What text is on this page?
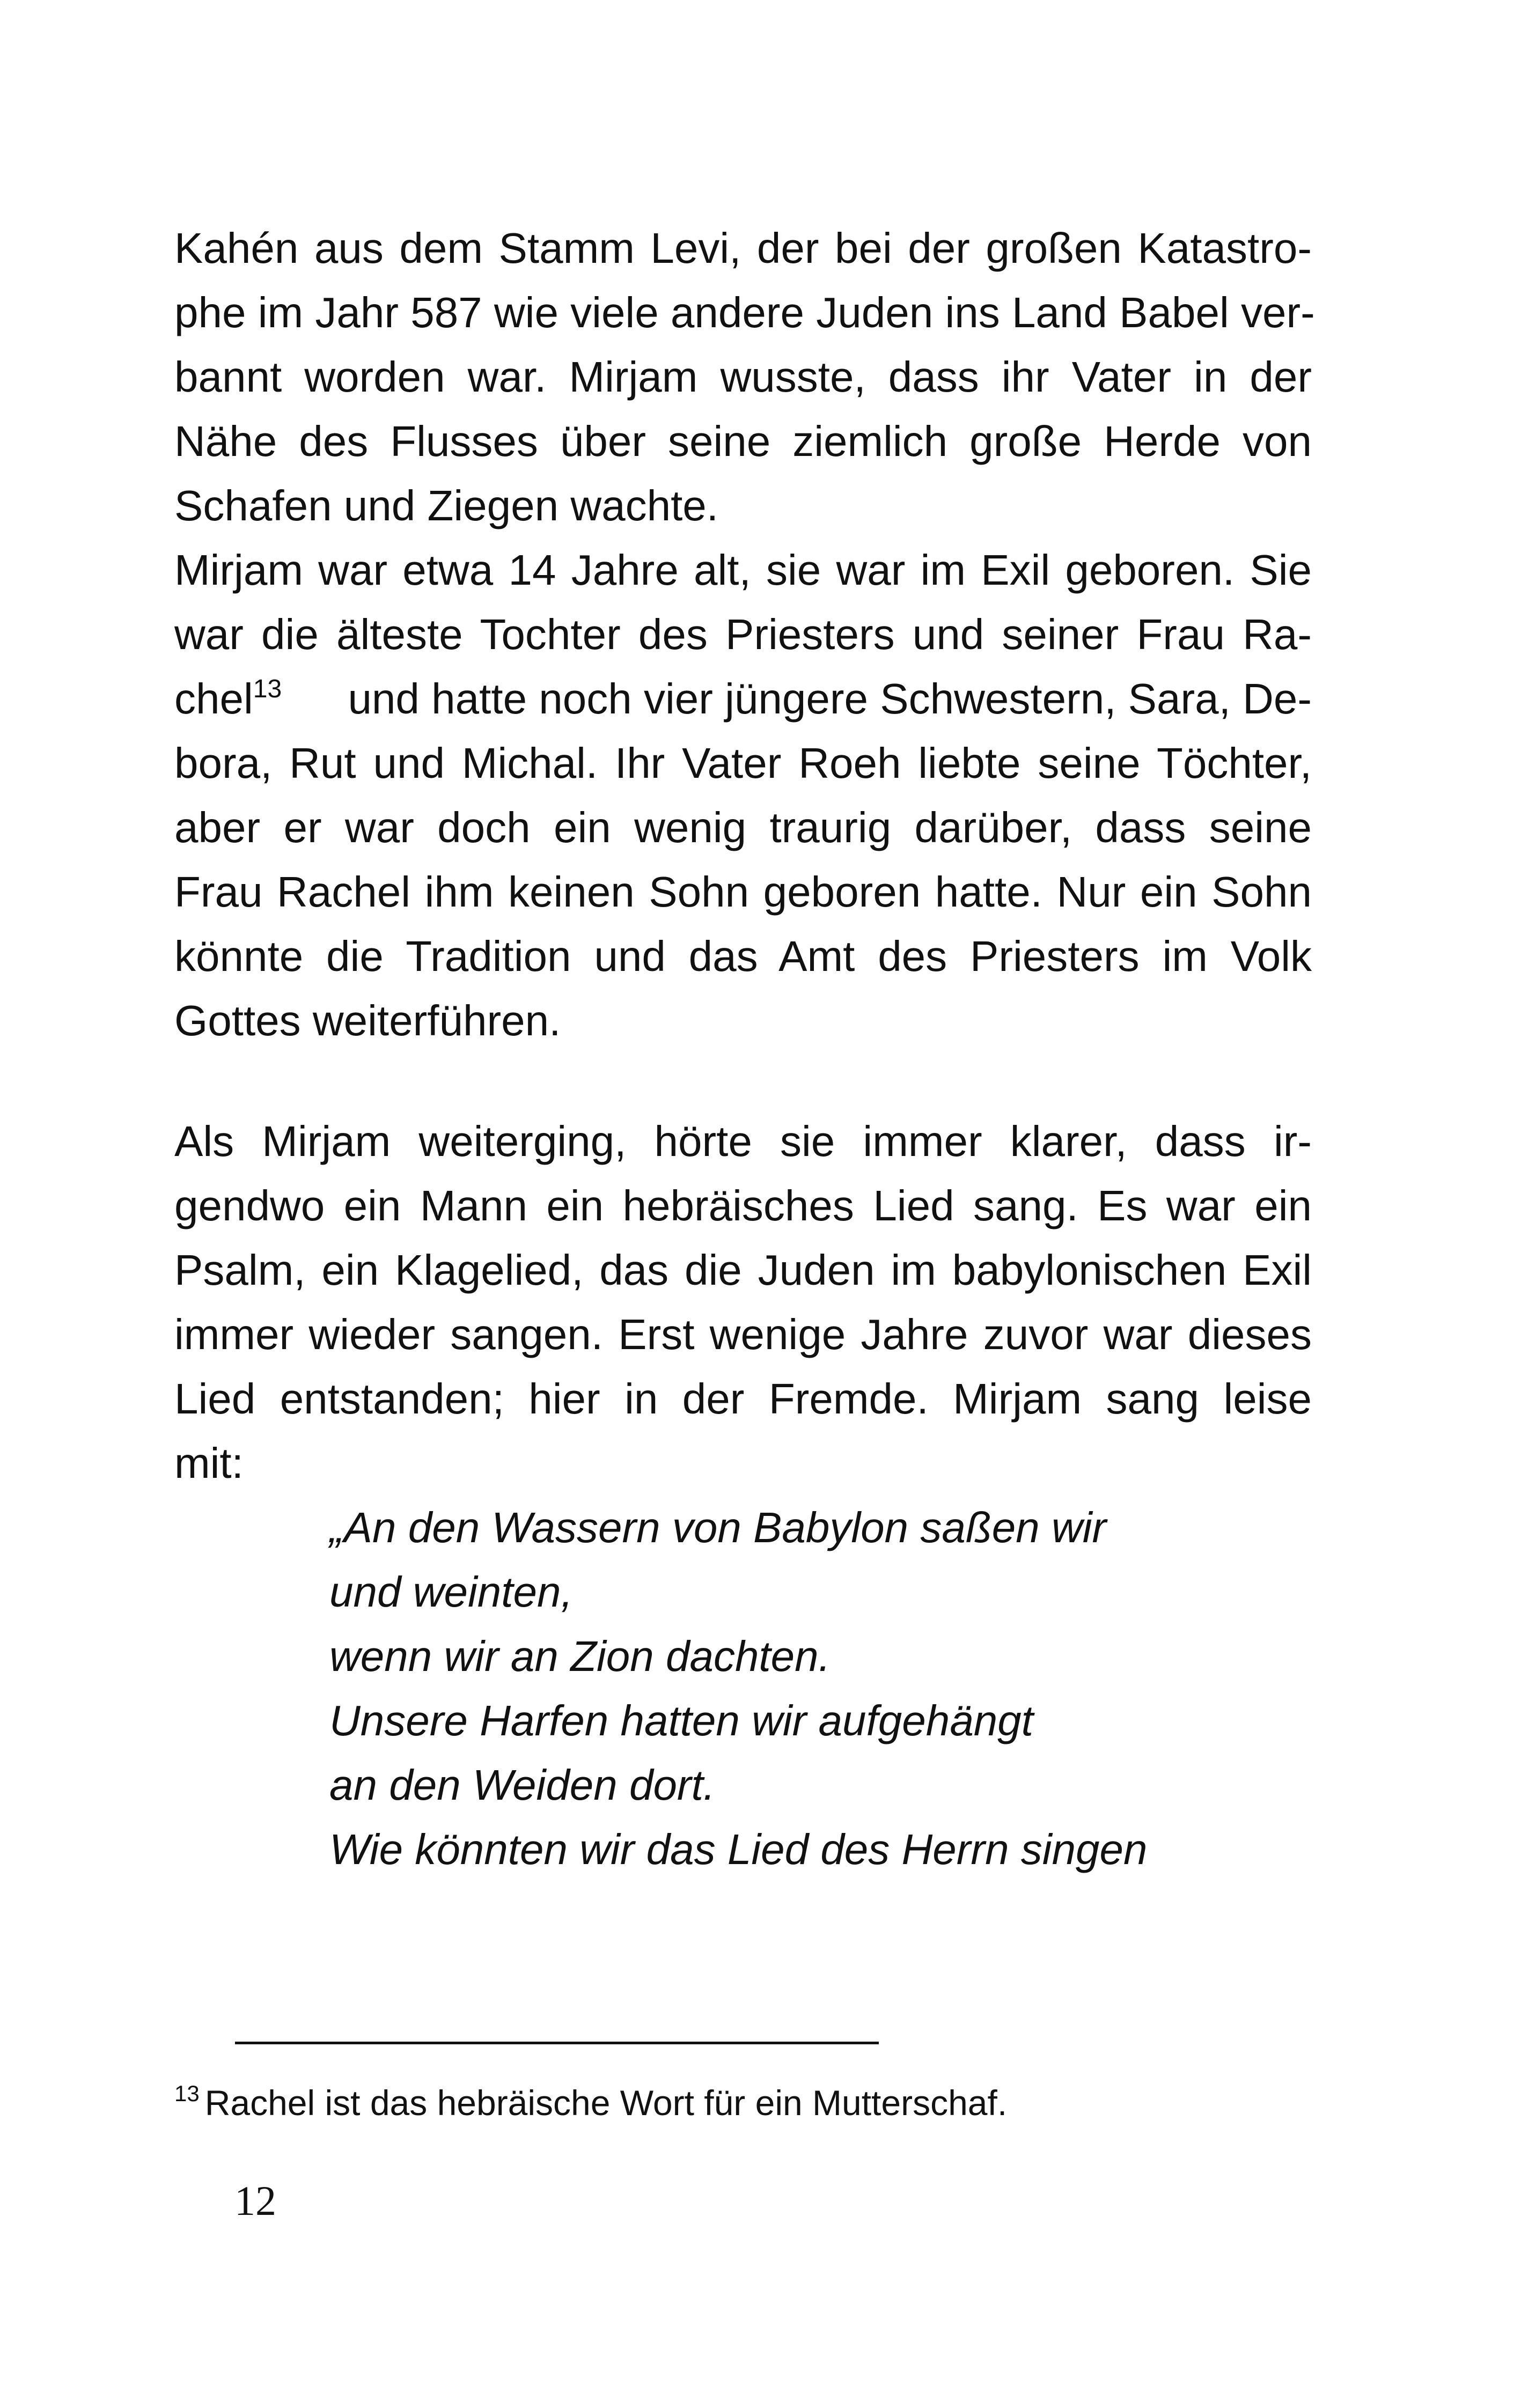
Kahén aus dem Stamm Levi, der bei der großen Katastro-
phe im Jahr 587 wie viele andere Juden ins Land Babel ver-
bannt worden war. Mirjam wusste, dass ihr Vater in der
Nähe des Flusses über seine ziemlich große Herde von
Schafen und Ziegen wachte.
Mirjam war etwa 14 Jahre alt, sie war im Exil geboren. Sie
war die älteste Tochter des Priesters und seiner Frau Ra-
chel$^{13}$ und hatte noch vier jüngere Schwestern, Sara, De-
bora, Rut und Michal. Ihr Vater Roeh liebte seine Töchter,
aber er war doch ein wenig traurig darüber, dass seine
Frau Rachel ihm keinen Sohn geboren hatte. Nur ein Sohn
könnte die Tradition und das Amt des Priesters im Volk
Gottes weiterführen.
Als Mirjam weiterging, hörte sie immer klarer, dass ir-
gendwo ein Mann ein hebräisches Lied sang. Es war ein
Psalm, ein Klagelied, das die Juden im babylonischen Exil
immer wieder sangen. Erst wenige Jahre zuvor war dieses
Lied entstanden; hier in der Fremde. Mirjam sang leise
mit:
„An den Wassern von Babylon saßen wir
und weinten,
wenn wir an Zion dachten.
Unsere Harfen hatten wir aufgehängt
an den Weiden dort.
Wie könnten wir das Lied des Herrn singen
$^{13}$ Rachel ist das hebräische Wort für ein Mutterschaf.
12
